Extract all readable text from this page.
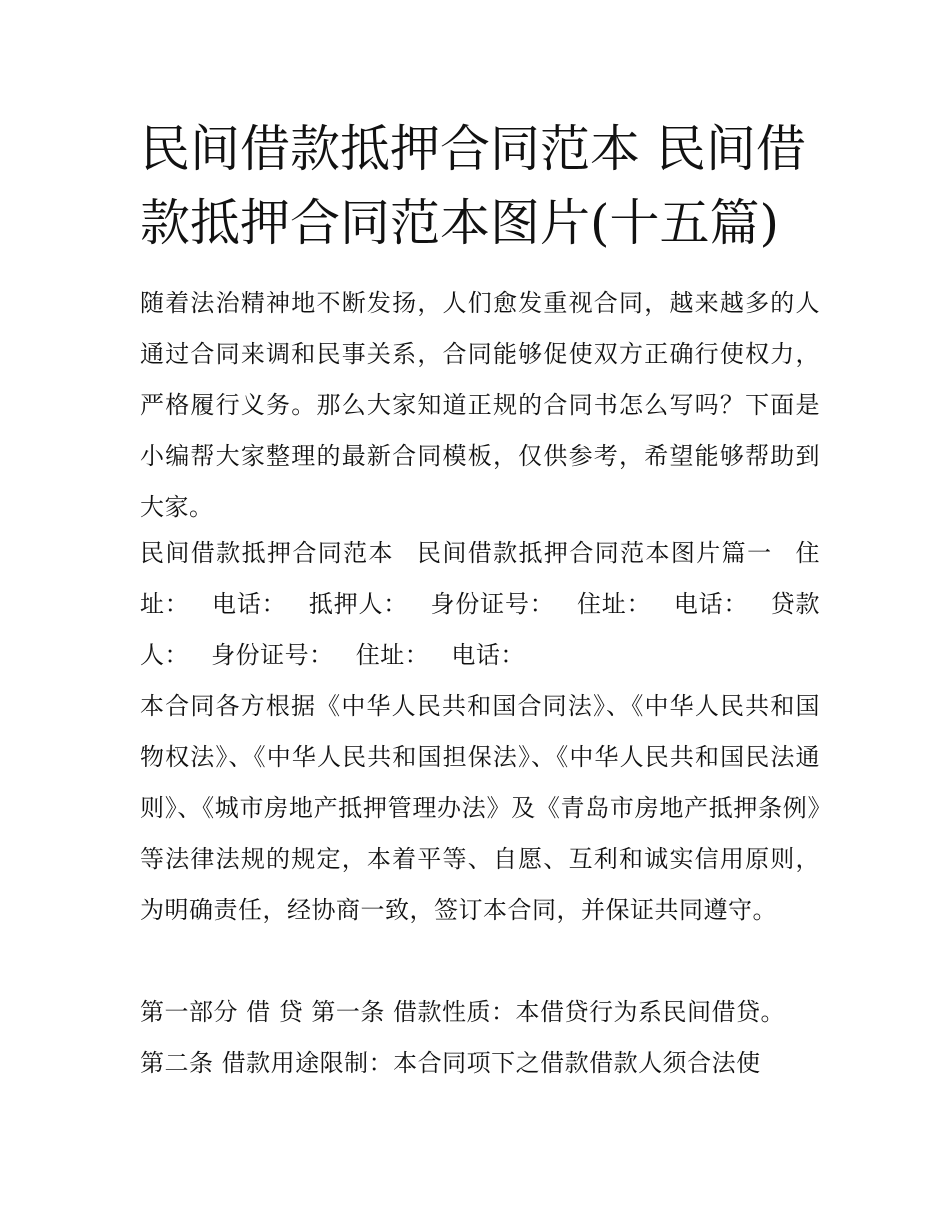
民间借款抵押合同范本 民间借款抵押合同范本图片(十五篇)

随着法治精神地不断发扬，人们愈发重视合同，越来越多的人通过合同来调和民事关系，合同能够促使双方正确行使权力，严格履行义务。那么大家知道正规的合同书怎么写吗？下面是小编帮大家整理的最新合同模板，仅供参考，希望能够帮助到大家。

民间借款抵押合同范本 民间借款抵押合同范本图片篇一 住址： 电话： 抵押人： 身份证号： 住址： 电话： 贷款人： 身份证号： 住址： 电话：

本合同各方根据《中华人民共和国合同法》、《中华人民共和国物权法》、《中华人民共和国担保法》、《中华人民共和国民法通则》、《城市房地产抵押管理办法》及《青岛市房地产抵押条例》等法律法规的规定，本着平等、自愿、互利和诚实信用原则，为明确责任，经协商一致，签订本合同，并保证共同遵守。

第一部分 借 贷 第一条 借款性质：本借贷行为系民间借贷。

第二条 借款用途限制：本合同项下之借款借款人须合法使
